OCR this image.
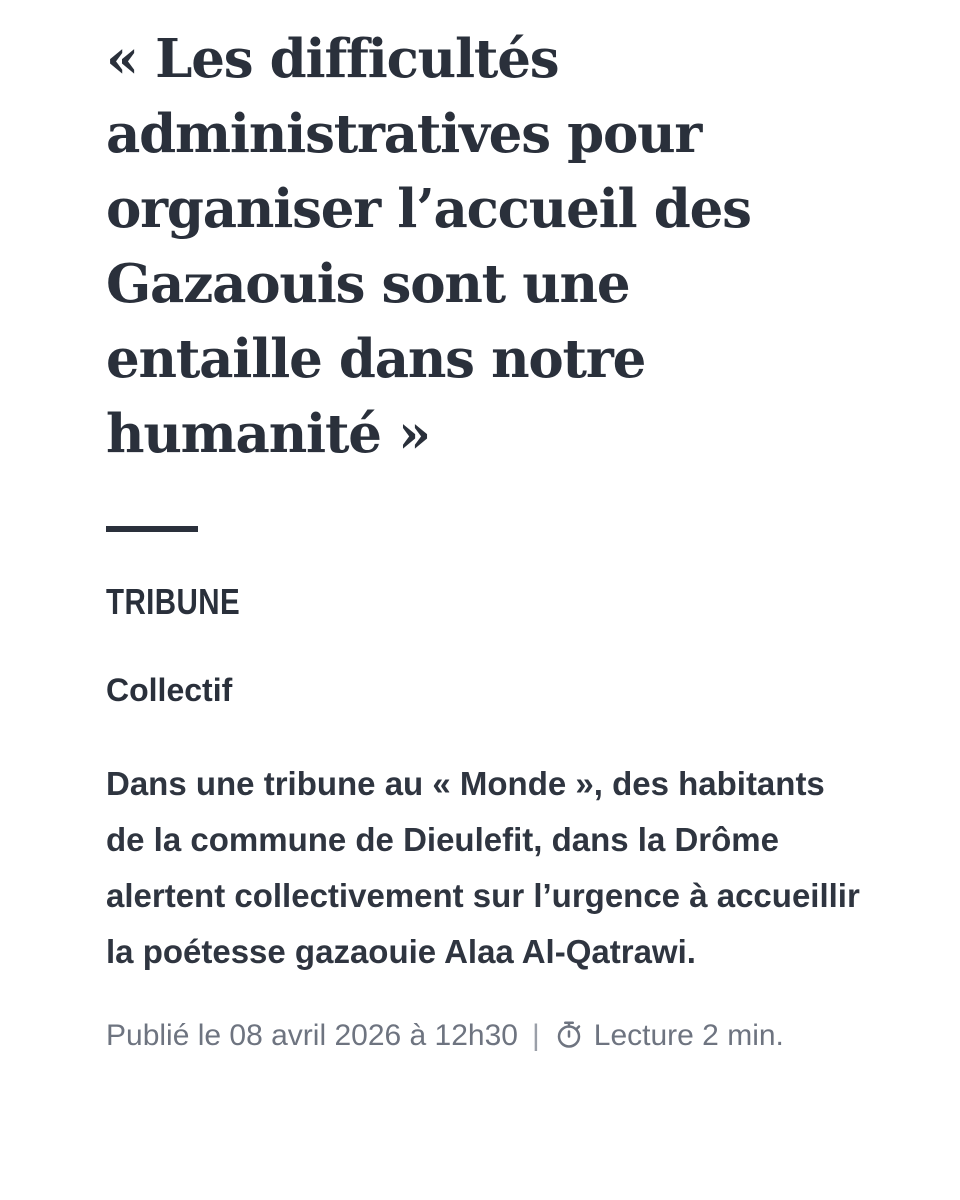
« Les difficultés administratives pour organiser l’accueil des Gazaouis sont une entaille dans notre humanité »
TRIBUNE
Collectif

Dans une tribune au « Monde », des habitants de la commune de Dieulefit, dans la Drôme alertent collectivement sur l’urgence à accueillir la poétesse gazaouie Alaa Al-Qatrawi.

Publié le 08 avril 2026 à 12h30 | Lecture 2 min.
